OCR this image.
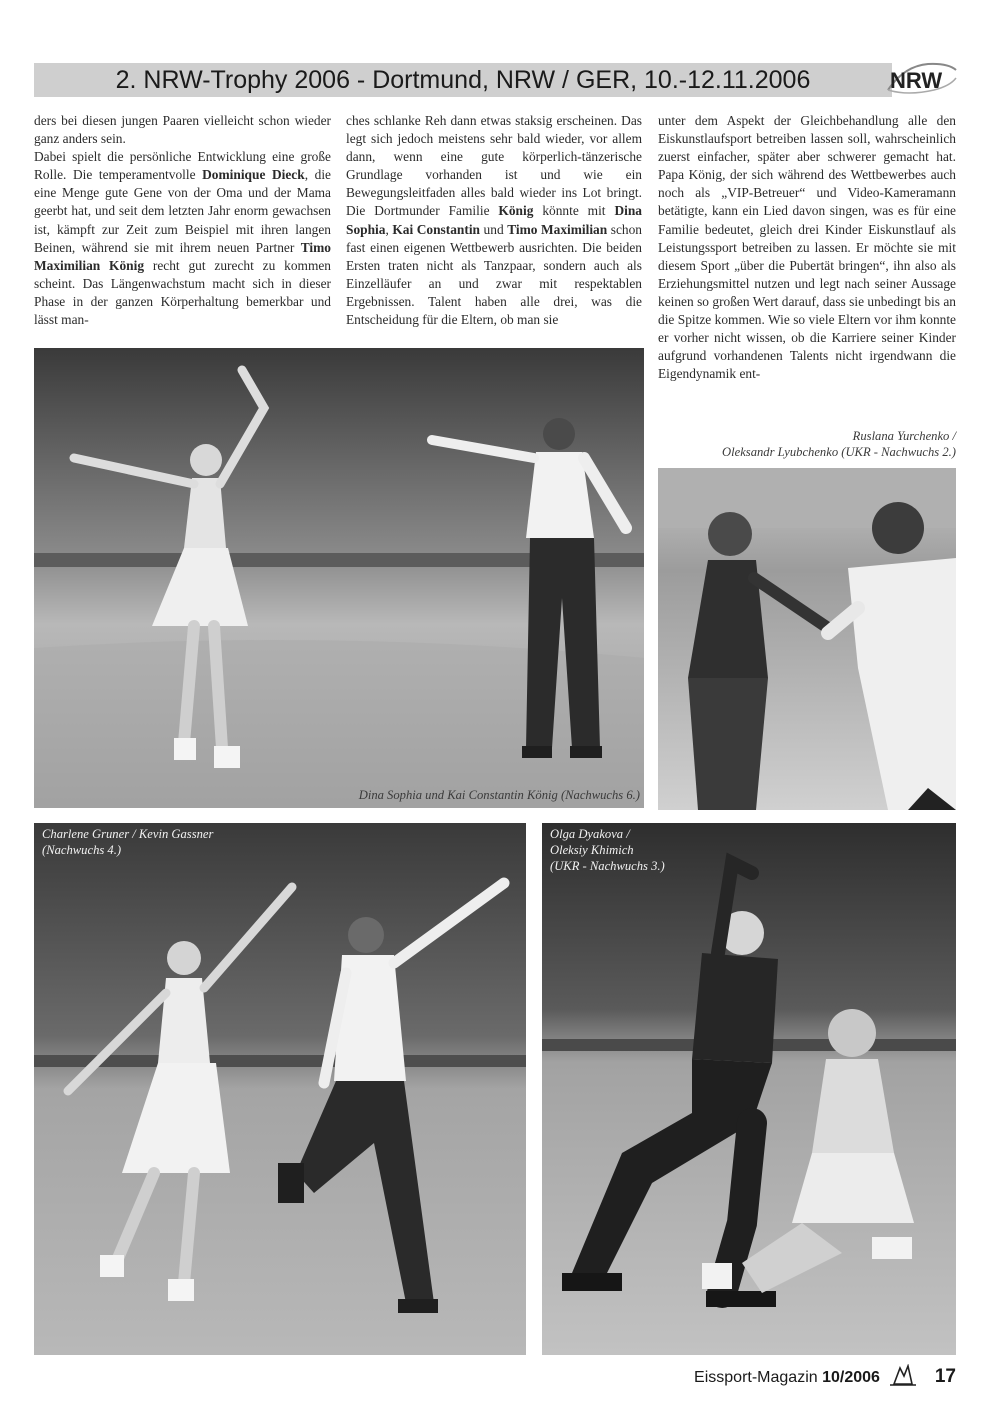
2. NRW-Trophy 2006 - Dortmund, NRW / GER, 10.-12.11.2006	NRW

ders bei diesen jungen Paaren vielleicht schon wieder ganz anders sein.
Dabei spielt die persönliche Entwicklung eine große Rolle. Die temperamentvolle Dominique Dieck, die eine Menge gute Gene von der Oma und der Mama geerbt hat, und seit dem letzten Jahr enorm gewachsen ist, kämpft zur Zeit zum Beispiel mit ihren langen Beinen, während sie mit ihrem neuen Partner Timo Maximilian König recht gut zurecht zu kommen scheint. Das Längenwachstum macht sich in dieser Phase in der ganzen Körperhaltung bemerkbar und lässt man-

ches schlanke Reh dann etwas staksig erscheinen. Das legt sich jedoch meistens sehr bald wieder, vor allem dann, wenn eine gute körperlich-tänzerische Grundlage vorhanden ist und wie ein Bewegungsleitfaden alles bald wieder ins Lot bringt. Die Dortmunder Familie König könnte mit Dina Sophia, Kai Constantin und Timo Maximilian schon fast einen eigenen Wettbewerb ausrichten. Die beiden Ersten traten nicht als Tanzpaar, sondern auch als Einzelläufer an und zwar mit respektablen Ergebnissen. Talent haben alle drei, was die Entscheidung für die Eltern, ob man sie

unter dem Aspekt der Gleichbehandlung alle den Eiskunstlaufsport betreiben lassen soll, wahrscheinlich zuerst einfacher, später aber schwerer gemacht hat. Papa König, der sich während des Wettbewerbes auch noch als „VIP-Betreuer“ und Video-Kameramann betätigte, kann ein Lied davon singen, was es für eine Familie bedeutet, gleich drei Kinder Eiskunstlauf als Leistungssport betreiben zu lassen. Er möchte sie mit diesem Sport „über die Pubertät bringen“, ihn also als Erziehungsmittel nutzen und legt nach seiner Aussage keinen so großen Wert darauf, dass sie unbedingt bis an die Spitze kommen. Wie so viele Eltern vor ihm konnte er vorher nicht wissen, ob die Karriere seiner Kinder aufgrund vorhandenen Talents nicht irgendwann die Eigendynamik ent-

Dina Sophia und Kai Constantin König (Nachwuchs 6.)
Ruslana Yurchenko /
Oleksandr Lyubchenko (UKR - Nachwuchs 2.)
Charlene Gruner / Kevin Gassner
(Nachwuchs 4.)
Olga Dyakova /
Oleksiy Khimich
(UKR - Nachwuchs 3.)
Eissport-Magazin 10/2006	17
